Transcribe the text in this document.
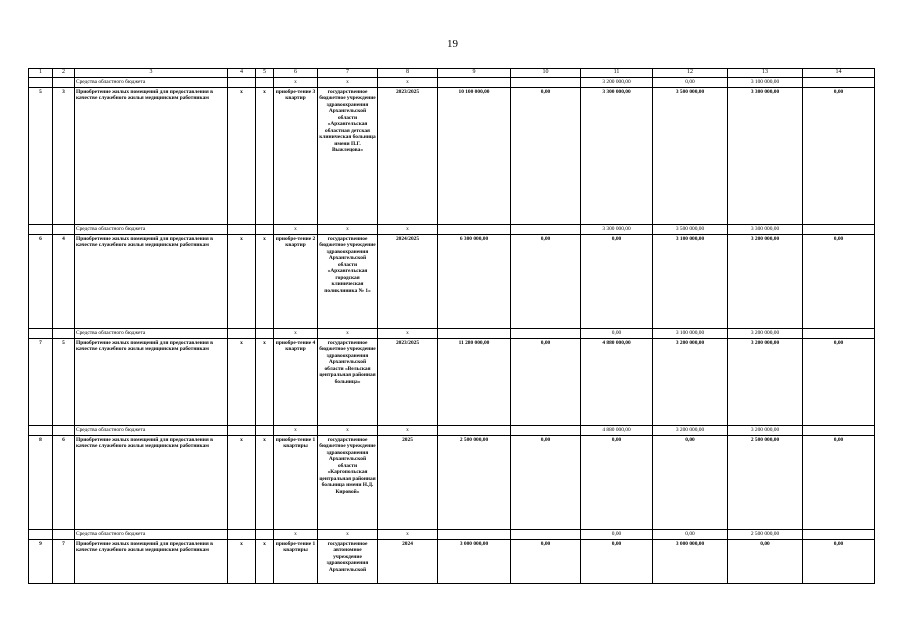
19
1	2	3	4	5	6	7	8	9	10	11	12	13	14
		Средства областного бюджета			х	х	х			3 200 000,00	0,00	3 100 000,00	
5	3	Приобретение жилых помещений для предоставления в качестве служебного жилья медицинским работникам	х	х	приобре-тение 3 квартир	государственное бюджетное учреждение здравоохранения Архангельской области «Архангельская областная детская клиническая больница имени П.Г. Выжлецова»	2023/2025	10 100 000,00	0,00	3 300 000,00	3 500 000,00	3 300 000,00	0,00
		Средства областного бюджета			х	х	х			3 300 000,00	3 500 000,00	3 300 000,00	
6	4	Приобретение жилых помещений для предоставления в качестве служебного жилья медицинским работникам	х	х	приобре-тение 2 квартир	государственное бюджетное учреждение здравоохранения Архангельской области «Архангельская городская клиническая поликлиника № 1»	2024/2025	6 300 000,00	0,00	0,00	3 100 000,00	3 200 000,00	0,00
		Средства областного бюджета			х	х	х			0,00	3 100 000,00	3 200 000,00	
7	5	Приобретение жилых помещений для предоставления в качестве служебного жилья медицинским работникам	х	х	приобре-тение 4 квартир	государственное бюджетное учреждение здравоохранения Архангельской области «Вельская центральная районная больница»	2023/2025	11 280 000,00	0,00	4 880 000,00	3 200 000,00	3 200 000,00	0,00
		Средства областного бюджета			х	х	х			4 880 000,00	3 200 000,00	3 200 000,00	
8	6	Приобретение жилых помещений для предоставления в качестве служебного жилья медицинским работникам	х	х	приобре-тение 1 квартиры	государственное бюджетное учреждение здравоохранения Архангельской области «Каргопольская центральная районная больница имени Н.Д. Кировой»	2025	2 500 000,00	0,00	0,00	0,00	2 500 000,00	0,00
		Средства областного бюджета			х	х	х			0,00	0,00	2 500 000,00	
9	7	Приобретение жилых помещений для предоставления в качестве служебного жилья медицинским работникам	х	х	приобре-тение 1 квартиры	государственное автономное учреждение здравоохранения Архангельской	2024	3 000 000,00	0,00	0,00	3 000 000,00	0,00	0,00
